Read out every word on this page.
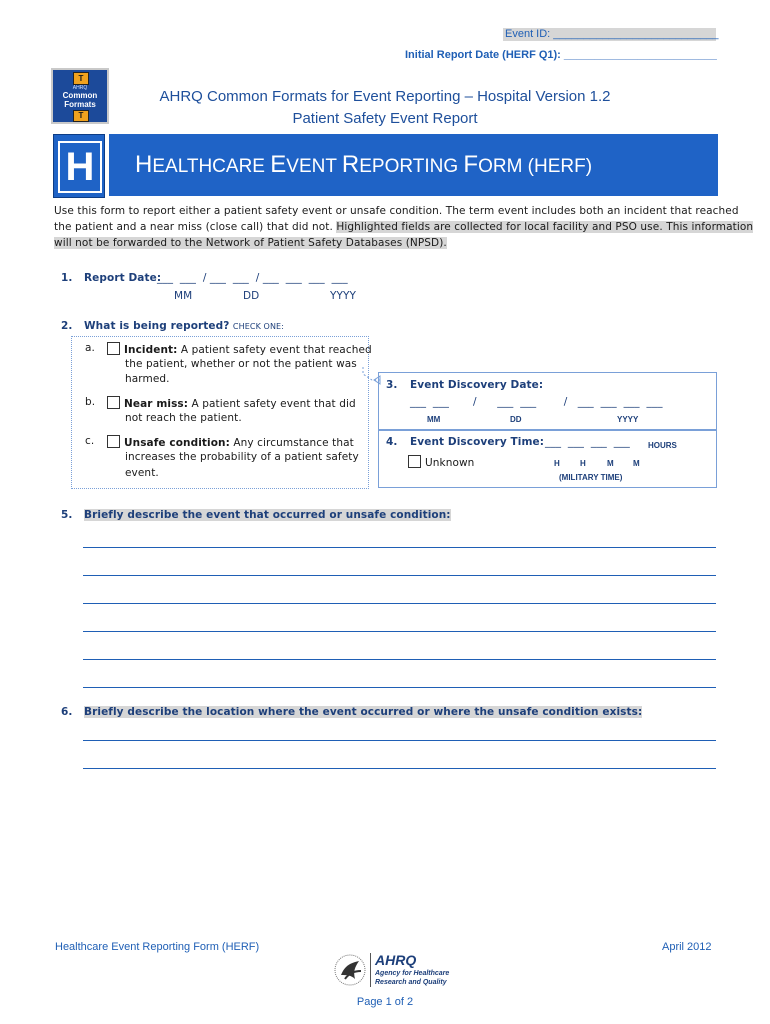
Event ID: ___________________________
Initial Report Date (HERF Q1): _________________________
T
AHRQ
Common
Formats
T
AHRQ Common Formats for Event Reporting – Hospital Version 1.2
Patient Safety Event Report
H	HEALTHCARE EVENT REPORTING FORM (HERF)
Use this form to report either a patient safety event or unsafe condition. The term event includes both an incident that reached
the patient and a near miss (close call) that did not. Highlighted fields are collected for local facility and PSO use. This information
will not be forwarded to the Network of Patient Safety Databases (NPSD).
1. Report Date:
___  ___  / ___  ___  / ___  ___  ___  ___
MM	DD	YYYY
2. What is being reported? CHECK ONE:
a.	Incident: A patient safety event that reached
the patient, whether or not the patient was
harmed.
b.	Near miss: A patient safety event that did
not reach the patient.
c.	Unsafe condition: Any circumstance that
increases the probability of a patient safety
event.
3. Event Discovery Date:
___  ___       /      ___  ___        /   ___  ___  ___  ___
MM	DD	YYYY
4. Event Discovery Time: ___  ___  ___  ___ HOURS
Unknown	H	H	M M
(MILITARY TIME)
5. Briefly describe the event that occurred or unsafe condition:
6. Briefly describe the location where the event occurred or where the unsafe condition exists:
Healthcare Event Reporting Form (HERF)	April 2012
AHRQ
Agency for Healthcare
Research and Quality
Page 1 of 2
